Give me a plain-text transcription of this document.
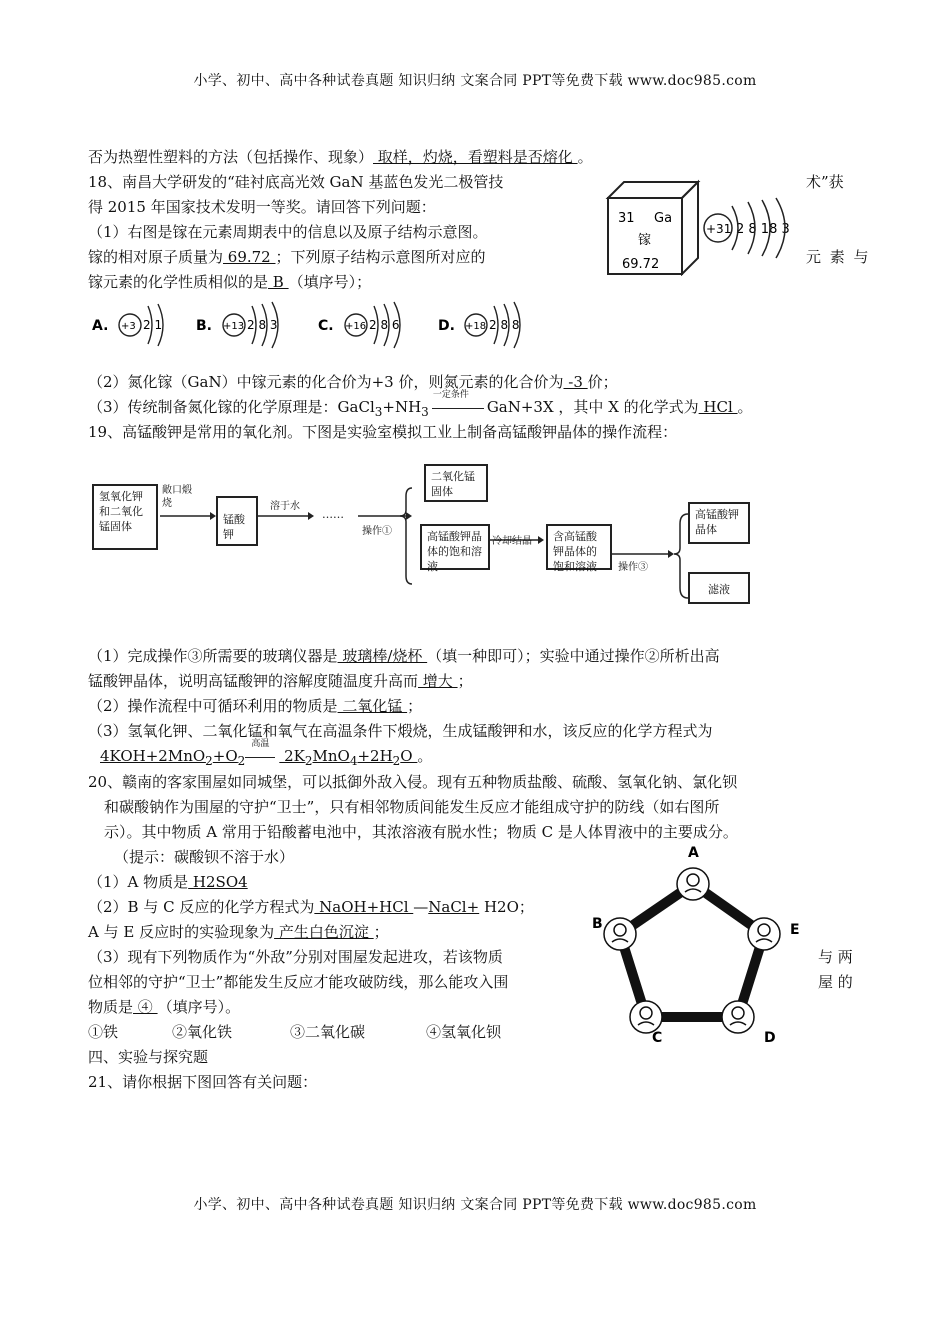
小学、初中、高中各种试卷真题 知识归纳 文案合同 PPT等免费下载 www.doc985.com
否为热塑性塑料的方法（包括操作、现象） 取样，灼烧，看塑料是否熔化 。
18、南昌大学研发的“硅衬底高光效 GaN 基蓝色发光二极管技	术”获
得 2015 年国家技术发明一等奖。请回答下列问题：
（1）右图是镓在元素周期表中的信息以及原子结构示意图。
镓的相对原子质量为 69.72 ；下列原子结构示意图所对应的	元 素 与
镓元素的化学性质相似的是 B （填序号）；
31 Ga
镓
69.72
+31 2 8 18 3
A. +3 2 1 B. +13 2 8 3	C. +16 2 8 6	D. +18 2 8 8
（2）氮化镓（GaN）中镓元素的化合价为+3 价，则氮元素的化合价为 -3 价；
（3）传统制备氮化镓的化学原理是：$GaCl_3+NH_3$
一定条件
GaN+3X ，其中 X 的化学式为 HCl 。
19、高锰酸钾是常用的氧化剂。下图是实验室模拟工业上制备高锰酸钾晶体的操作流程：
氢氧化钾和二氧化锰固体
敞口煅烧
锰酸钾
溶于水
……
操作①
二氧化锰固体
高锰酸钾晶体的饱和溶液
冷却结晶	含高锰酸钾晶体的饱和溶液	操作③
高锰酸钾晶体
滤液
（1）完成操作③所需要的玻璃仪器是 玻璃棒/烧杯 （填一种即可）；实验中通过操作②所析出高
锰酸钾晶体，说明高锰酸钾的溶解度随温度升高而 增大 ；
（2）操作流程中可循环利用的物质是 二氧化锰 ；
（3）氢氧化钾、二氧化锰和氧气在高温条件下煅烧，生成锰酸钾和水，该反应的化学方程式为
$4KOH+2MnO_2+O_2$
高温
$2K_2MnO_4+2H_2O$ 。
20、赣南的客家围屋如同城堡，可以抵御外敌入侵。现有五种物质盐酸、硫酸、氢氧化钠、氯化钡
和碳酸钠作为围屋的守护“卫士”，只有相邻物质间能发生反应才能组成守护的防线（如右图所
示）。其中物质 A 常用于铅酸蓄电池中，其浓溶液有脱水性；物质 C 是人体胃液中的主要成分。
（提示：碳酸钡不溶于水）
（1）A 物质是 H2SO4
（2）B 与 C 反应的化学方程式为 NaOH+HCl —NaCl+ H2O；
A 与 E 反应时的实验现象为 产生白色沉淀 ；
（3）现有下列物质作为“外敌”分别对围屋发起进攻，若该物质	与 两
位相邻的守护“卫士”都能发生反应才能攻破防线，那么能攻入围	屋 的
物质是 ④ （填序号）。
①铁	②氧化铁	③二氧化碳	④氢氧化钡
A
B	E
C	D
四、实验与探究题
21、请你根据下图回答有关问题：
小学、初中、高中各种试卷真题 知识归纳 文案合同 PPT等免费下载 www.doc985.com
